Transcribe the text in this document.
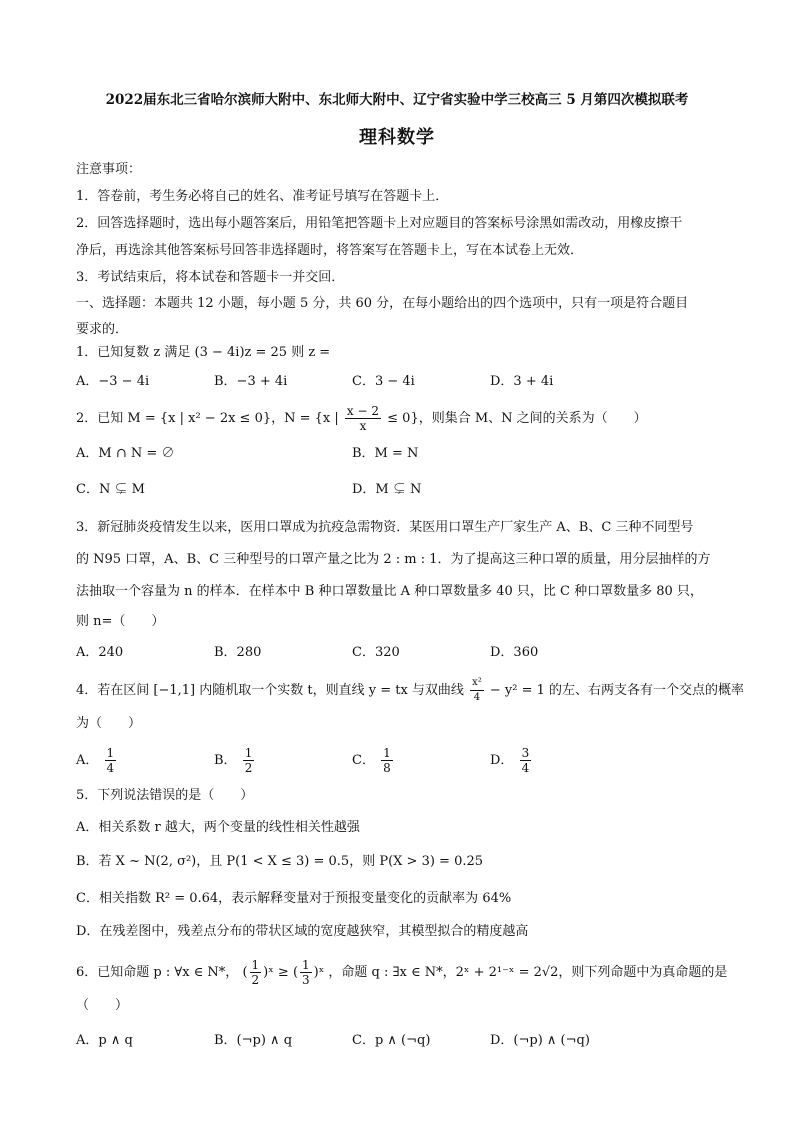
2022届东北三省哈尔滨师大附中、东北师大附中、辽宁省实验中学三校高三 5 月第四次模拟联考
理科数学
注意事项：
1．答卷前，考生务必将自己的姓名、准考证号填写在答题卡上．
2．回答选择题时，选出每小题答案后，用铅笔把答题卡上对应题目的答案标号涂黑如需改动，用橡皮擦干
净后，再选涂其他答案标号回答非选择题时，将答案写在答题卡上，写在本试卷上无效．
3．考试结束后，将本试卷和答题卡一并交回．
一、选择题：本题共 12 小题，每小题 5 分，共 60 分，在每小题给出的四个选项中，只有一项是符合题目
要求的．
1．已知复数 z 满足 (3 − 4i)z = 25 则 z =
A．−3 − 4i	B．−3 + 4i	C．3 − 4i	D．3 + 4i
2．已知 M = {x | x² − 2x ≤ 0}，N = {x | $\frac{x - 2}{x} \le 0$}，则集合 M、N 之间的关系为（　　）
A．M ∩ N = ∅	B．M = N
C．N ⊊ M	D．M ⊊ N
3．新冠肺炎疫情发生以来，医用口罩成为抗疫急需物资．某医用口罩生产厂家生产 A、B、C 三种不同型号
的 N95 口罩，A、B、C 三种型号的口罩产量之比为 2 : m : 1．为了提高这三种口罩的质量，用分层抽样的方
法抽取一个容量为 n 的样本．在样本中 B 种口罩数量比 A 种口罩数量多 40 只，比 C 种口罩数量多 80 只，
则 n=（　　）
A．240	B．280	C．320	D．360
4．若在区间 [−1,1] 内随机取一个实数 t，则直线 y = tx 与双曲线 $\frac{\text{x²}}{4} - y^2 = 1$ 的左、右两支各有一个交点的概率
为（　　）
A． $\frac{1}{4}$	B． $\frac{1}{2}$	C． $\frac{1}{8}$	D． $\frac{3}{4}$
5．下列说法错误的是（　　）
A．相关系数 r 越大，两个变量的线性相关性越强
B．若 X ~ N(2, σ²)，且 P(1 < X ≤ 3) = 0.5，则 P(X > 3) = 0.25
C．相关指数 R² = 0.64，表示解释变量对于预报变量变化的贡献率为 64%
D．在残差图中，残差点分布的带状区域的宽度越狭窄，其模型拟合的精度越高
6．已知命题 p : ∀x ∈ N*， ( $\frac{1}{2}$ )ˣ ≥ ( $\frac{1}{3}$ )ˣ ，命题 q : ∃x ∈ N*，2ˣ + 2¹⁻ˣ = 2√2，则下列命题中为真命题的是
（　　）
A．p ∧ q	B．(¬p) ∧ q	C．p ∧ (¬q)	D．(¬p) ∧ (¬q)
